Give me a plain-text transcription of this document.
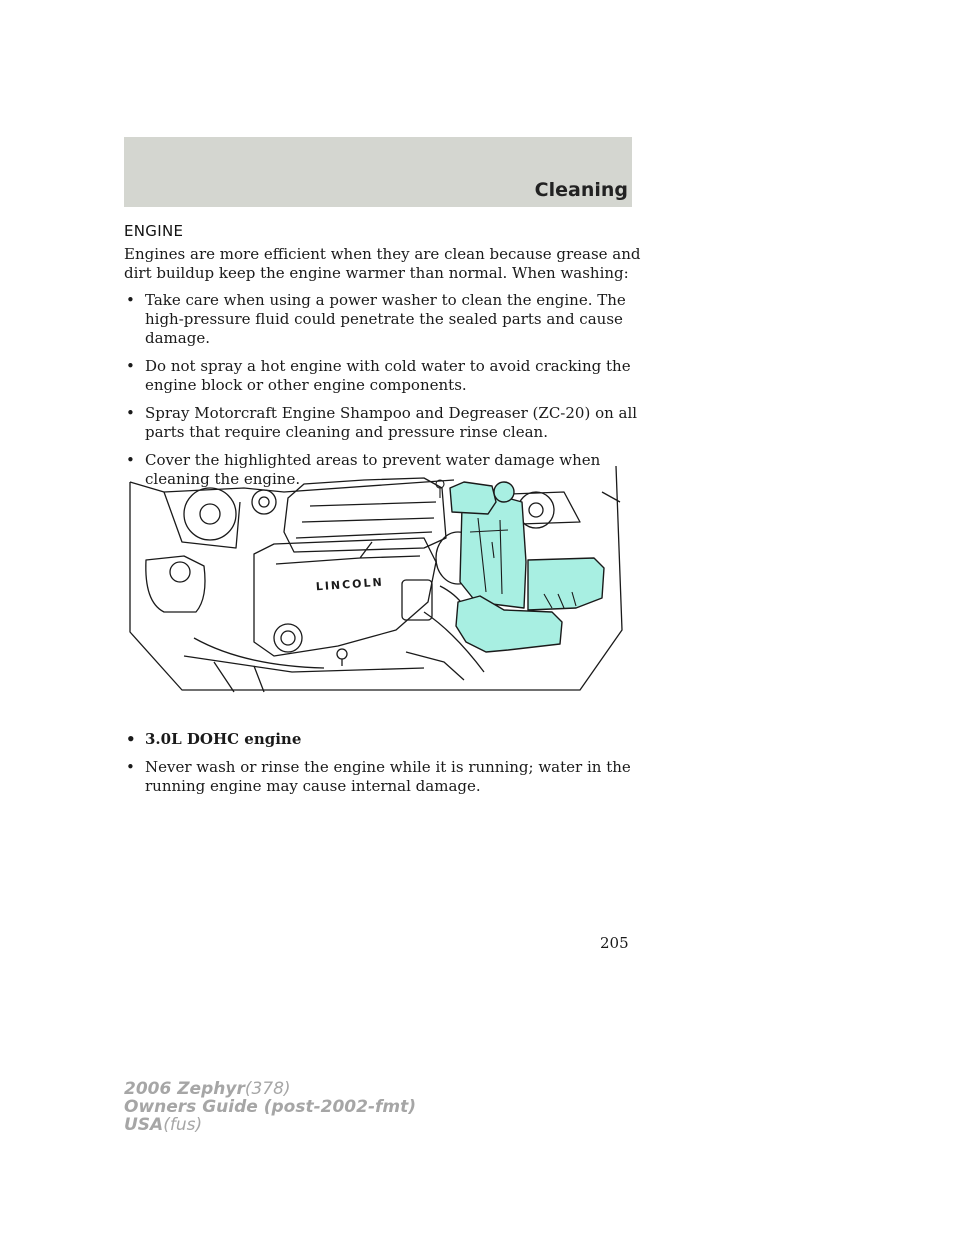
Cleaning
ENGINE

Engines are more efficient when they are clean because grease and dirt buildup keep the engine warmer than normal. When washing:

• Take care when using a power washer to clean the engine. The high-pressure fluid could penetrate the sealed parts and cause damage.
• Do not spray a hot engine with cold water to avoid cracking the engine block or other engine components.
• Spray Motorcraft Engine Shampoo and Degreaser (ZC-20) on all parts that require cleaning and pressure rinse clean.
• Cover the highlighted areas to prevent water damage when cleaning the engine.
LINCOLN
• 3.0L DOHC engine
• Never wash or rinse the engine while it is running; water in the running engine may cause internal damage.
205
2006 Zephyr(378)
Owners Guide (post-2002-fmt)
USA(fus)
